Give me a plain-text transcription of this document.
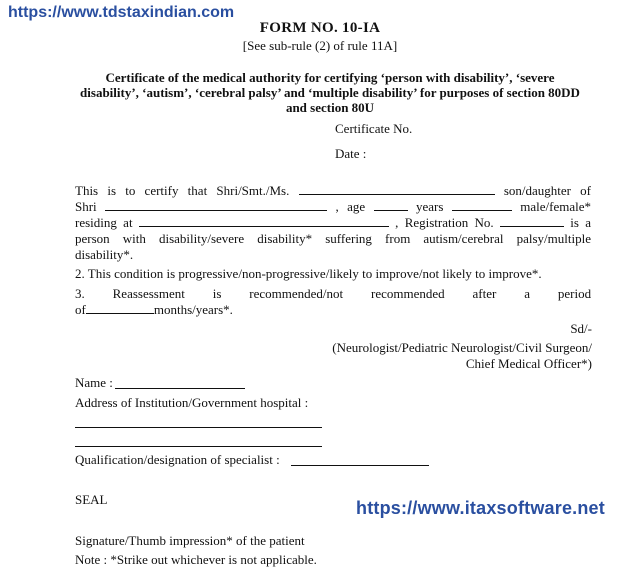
https://www.tdstaxindian.com
FORM NO. 10-IA
[See sub-rule (2) of rule 11A]
Certificate of the medical authority for certifying ‘person with disability’, ‘severe disability’, ‘autism’, ‘cerebral palsy’ and ‘multiple disability’ for purposes of section 80DD and section 80U
Certificate No.
Date :
This is to certify that Shri/Smt./Ms.	son/daughter of
Shri	, age	years	male/female*
residing at	, Registration No.	is a
person with disability/severe disability* suffering from autism/cerebral palsy/multiple
disability*.
2. This condition is progressive/non-progressive/likely to improve/not likely to improve*.
3. Reassessment is recommended/not recommended after a period
of	months/years*.
Sd/-
(Neurologist/Pediatric Neurologist/Civil Surgeon/
Chief Medical Officer*)
Name :
Address of Institution/Government hospital :
Qualification/designation of specialist :
SEAL	https://www.itaxsoftware.net
Signature/Thumb impression* of the patient
Note : *Strike out whichever is not applicable.
